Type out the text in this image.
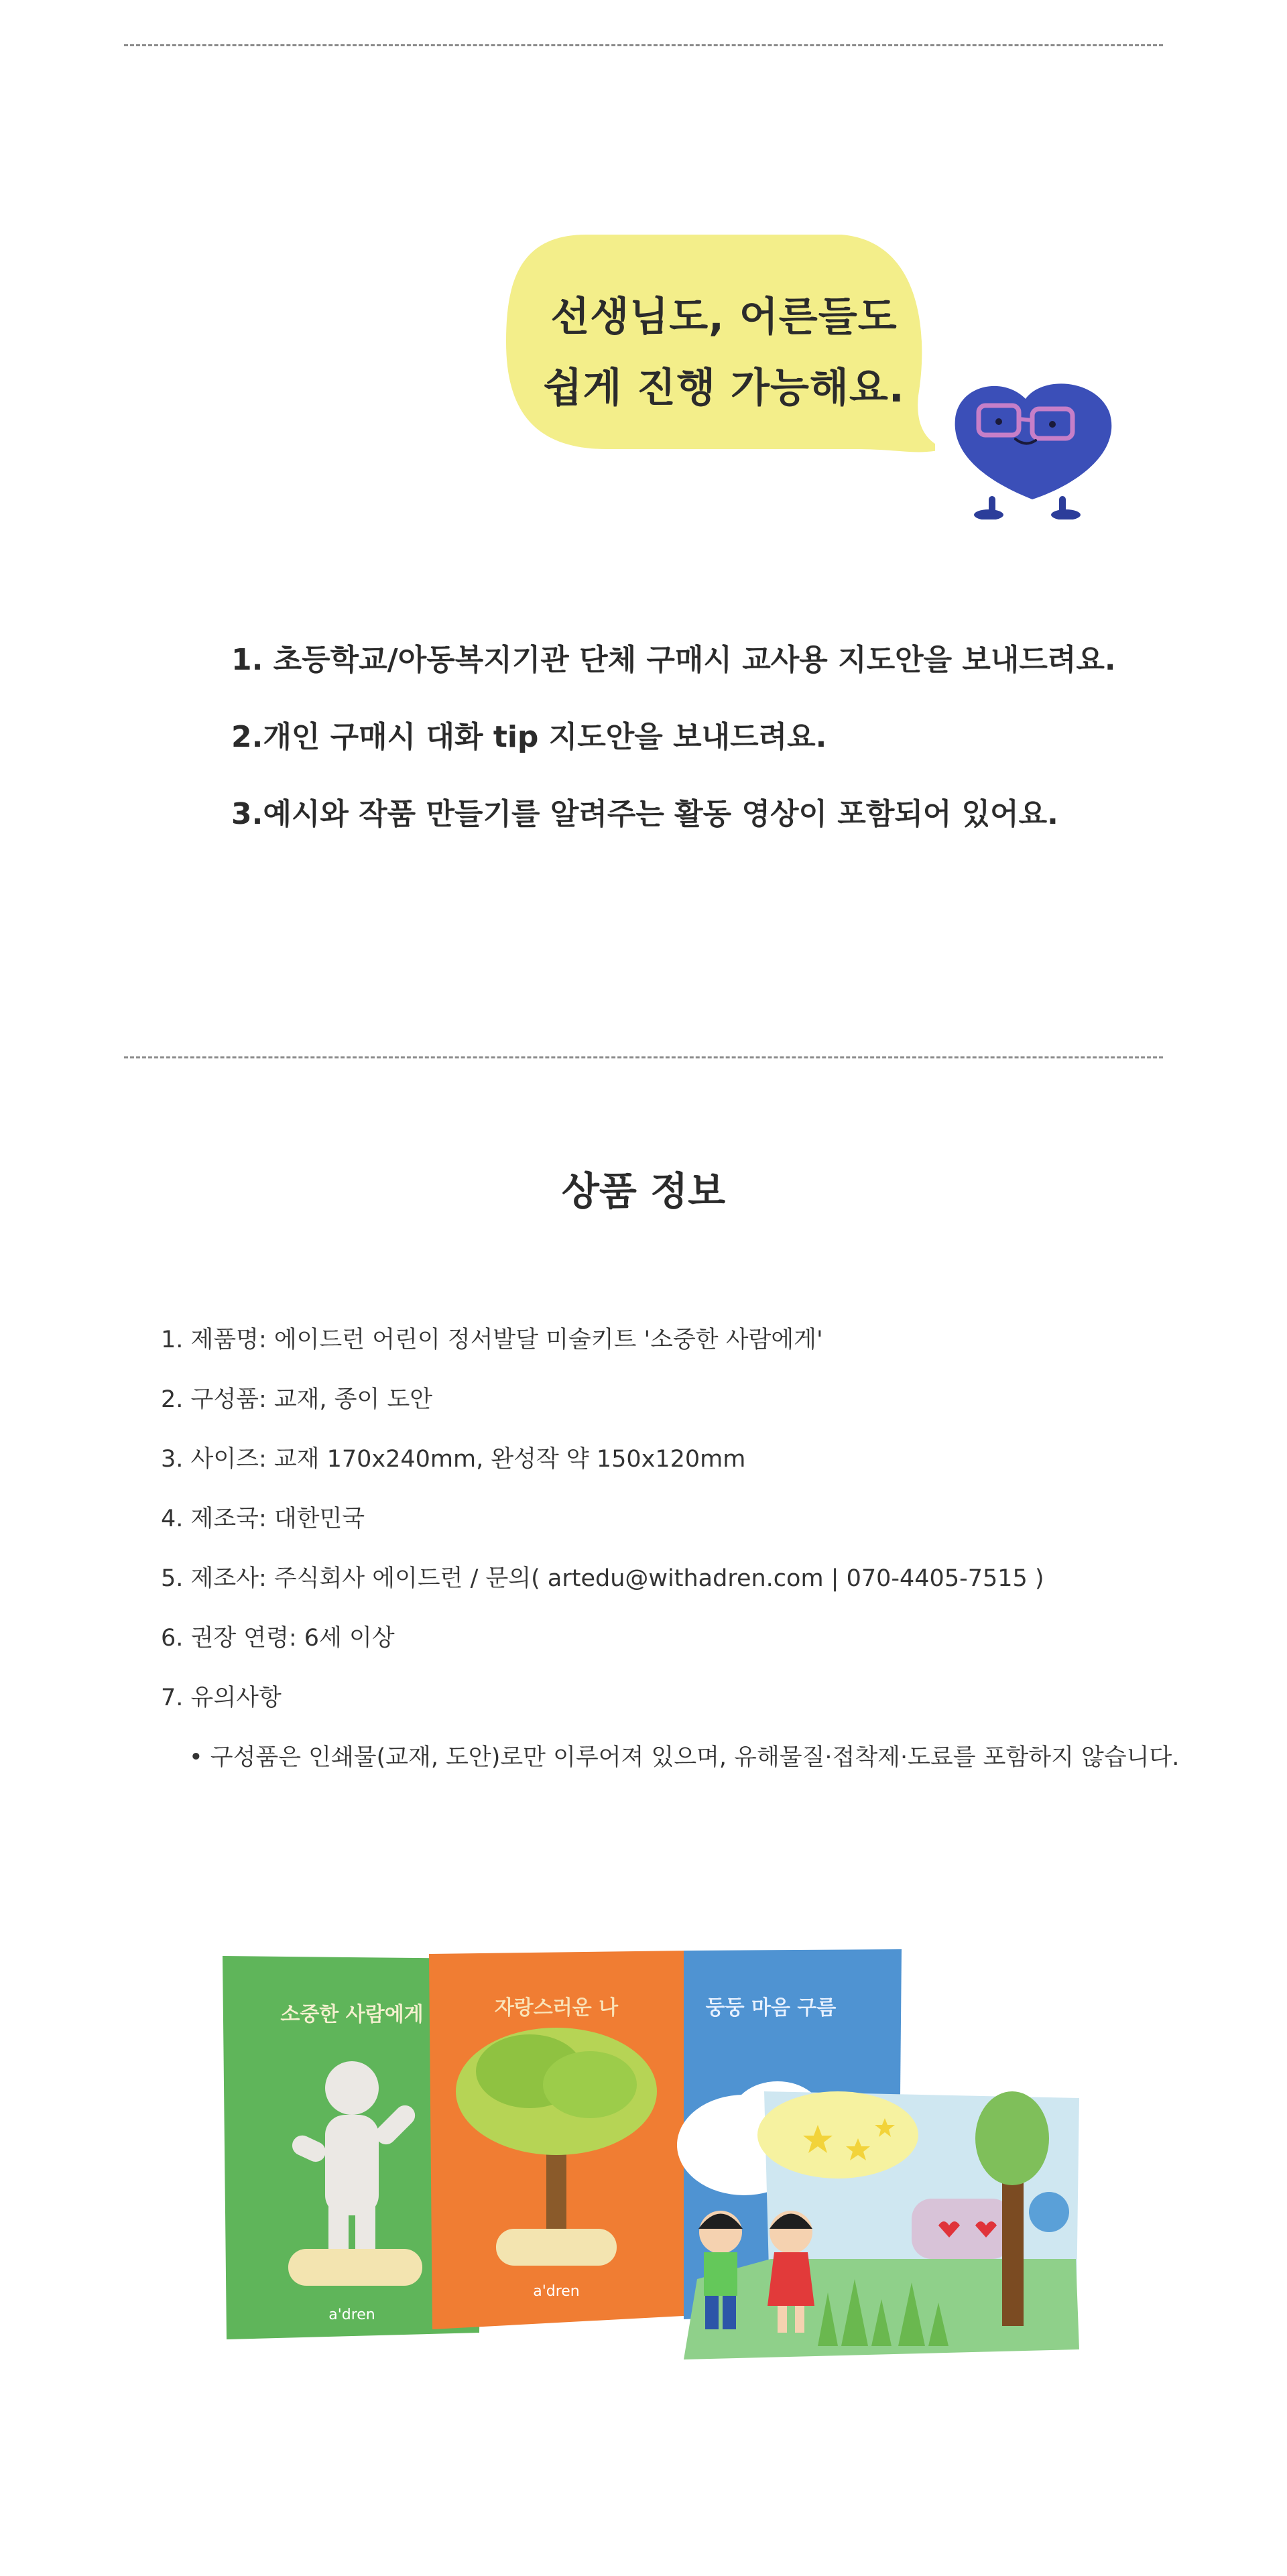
선생님도, 어른들도
쉽게 진행 가능해요.
1. 초등학교/아동복지기관 단체 구매시 교사용 지도안을 보내드려요.
2.개인 구매시 대화 tip 지도안을 보내드려요.
3.예시와 작품 만들기를 알려주는 활동 영상이 포함되어 있어요.
상품 정보
1. 제품명: 에이드런 어린이 정서발달 미술키트 '소중한 사람에게'
2. 구성품: 교재, 종이 도안
3. 사이즈: 교재 170x240mm, 완성작 약 150x120mm
4. 제조국: 대한민국
5. 제조사: 주식회사 에이드런 / 문의( artedu@withadren.com | 070-4405-7515 )
6. 권장 연령: 6세 이상
7. 유의사항
• 구성품은 인쇄물(교재, 도안)로만 이루어져 있으며, 유해물질·접착제·도료를 포함하지 않습니다.
소중한 사람에게
a'dren
자랑스러운 나
a'dren
둥둥 마음 구름
